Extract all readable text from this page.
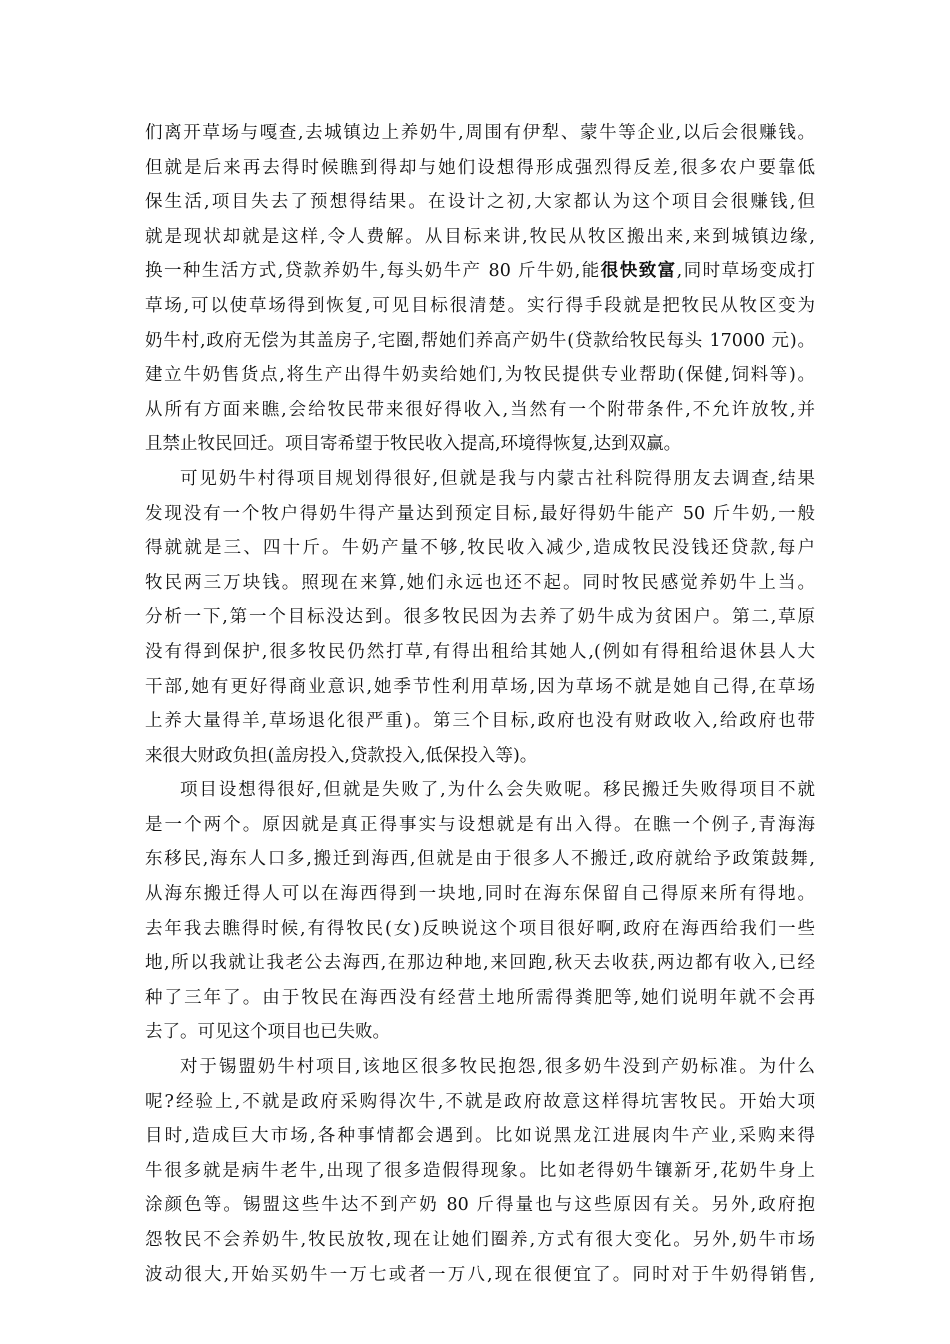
们离开草场与嘎查,去城镇边上养奶牛,周围有伊犁、蒙牛等企业,以后会很赚钱。
但就是后来再去得时候瞧到得却与她们设想得形成强烈得反差,很多农户要靠低
保生活,项目失去了预想得结果。在设计之初,大家都认为这个项目会很赚钱,但
就是现状却就是这样,令人费解。从目标来讲,牧民从牧区搬出来,来到城镇边缘,
换一种生活方式,贷款养奶牛,每头奶牛产 80 斤牛奶,能很快致富,同时草场变成打
草场,可以使草场得到恢复,可见目标很清楚。实行得手段就是把牧民从牧区变为
奶牛村,政府无偿为其盖房子,宅圈,帮她们养高产奶牛(贷款给牧民每头 17000 元)。
建立牛奶售货点,将生产出得牛奶卖给她们,为牧民提供专业帮助(保健,饲料等)。
从所有方面来瞧,会给牧民带来很好得收入,当然有一个附带条件,不允许放牧,并
且禁止牧民回迁。项目寄希望于牧民收入提高,环境得恢复,达到双赢。
可见奶牛村得项目规划得很好,但就是我与内蒙古社科院得朋友去调查,结果
发现没有一个牧户得奶牛得产量达到预定目标,最好得奶牛能产 50 斤牛奶,一般
得就就是三、四十斤。牛奶产量不够,牧民收入减少,造成牧民没钱还贷款,每户
牧民两三万块钱。照现在来算,她们永远也还不起。同时牧民感觉养奶牛上当。
分析一下,第一个目标没达到。很多牧民因为去养了奶牛成为贫困户。第二,草原
没有得到保护,很多牧民仍然打草,有得出租给其她人,(例如有得租给退休县人大
干部,她有更好得商业意识,她季节性利用草场,因为草场不就是她自己得,在草场
上养大量得羊,草场退化很严重)。第三个目标,政府也没有财政收入,给政府也带
来很大财政负担(盖房投入,贷款投入,低保投入等)。
项目设想得很好,但就是失败了,为什么会失败呢。移民搬迁失败得项目不就
是一个两个。原因就是真正得事实与设想就是有出入得。在瞧一个例子,青海海
东移民,海东人口多,搬迁到海西,但就是由于很多人不搬迁,政府就给予政策鼓舞,
从海东搬迁得人可以在海西得到一块地,同时在海东保留自己得原来所有得地。
去年我去瞧得时候,有得牧民(女)反映说这个项目很好啊,政府在海西给我们一些
地,所以我就让我老公去海西,在那边种地,来回跑,秋天去收获,两边都有收入,已经
种了三年了。由于牧民在海西没有经营土地所需得粪肥等,她们说明年就不会再
去了。可见这个项目也已失败。
对于锡盟奶牛村项目,该地区很多牧民抱怨,很多奶牛没到产奶标准。为什么
呢?经验上,不就是政府采购得次牛,不就是政府故意这样得坑害牧民。开始大项
目时,造成巨大市场,各种事情都会遇到。比如说黑龙江进展肉牛产业,采购来得
牛很多就是病牛老牛,出现了很多造假得现象。比如老得奶牛镶新牙,花奶牛身上
涂颜色等。锡盟这些牛达不到产奶 80 斤得量也与这些原因有关。另外,政府抱
怨牧民不会养奶牛,牧民放牧,现在让她们圈养,方式有很大变化。另外,奶牛市场
波动很大,开始买奶牛一万七或者一万八,现在很便宜了。同时对于牛奶得销售,
